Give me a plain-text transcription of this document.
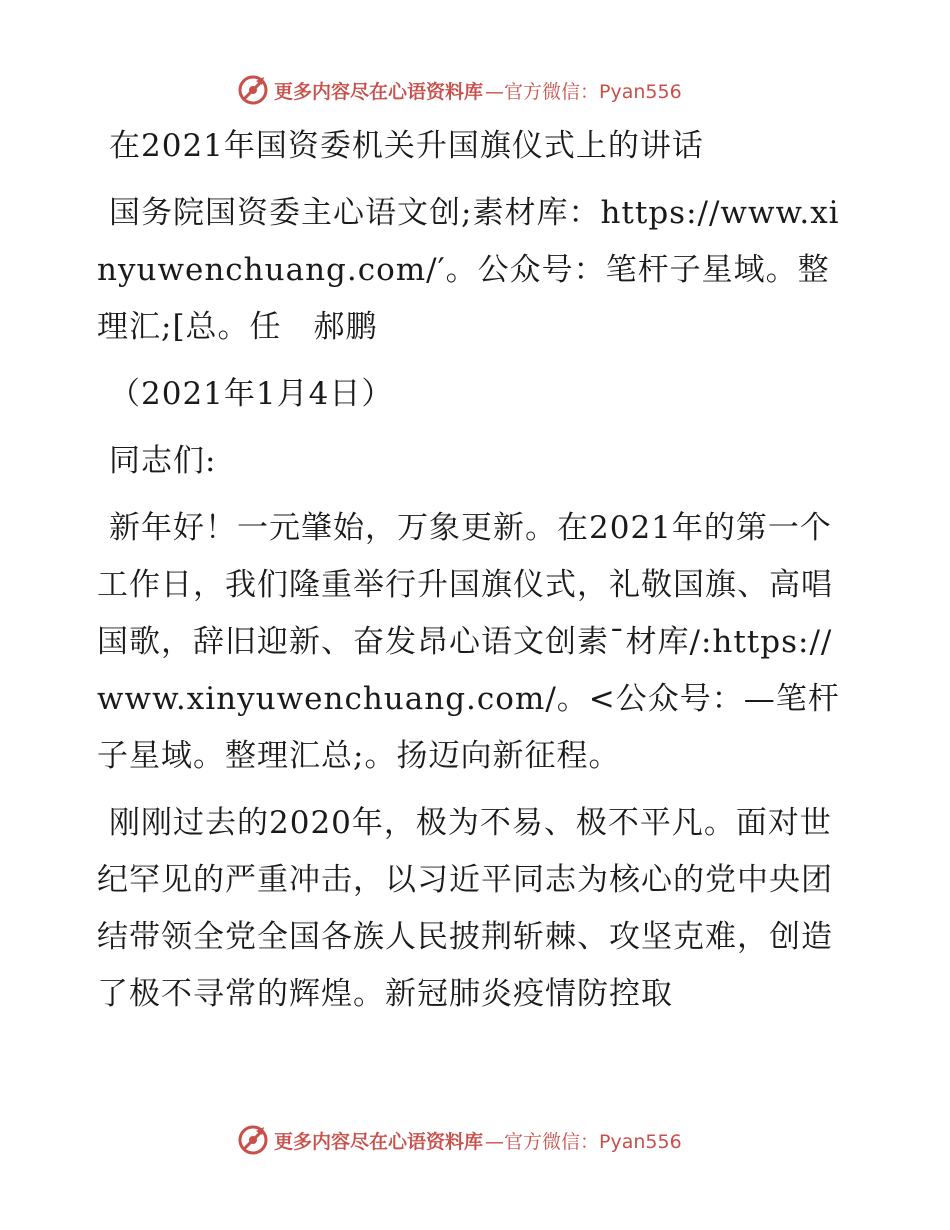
更多内容尽在心语资料库 —官方微信：Pyan556

在2021年国资委机关升国旗仪式上的讲话

国务院国资委主心语文创;素材库：https://www.xinyuwenchuang.com/′。公众号：笔杆子星域。整理汇;[总。任　郝鹏

（2021年1月4日）

同志们:

新年好！一元肇始，万象更新。在2021年的第一个工作日，我们隆重举行升国旗仪式，礼敬国旗、高唱国歌，辞旧迎新、奋发昂心语文创素¯材库/:https://www.xinyuwenchuang.com/。<公众号：—笔杆子星域。整理汇总;。扬迈向新征程。

刚刚过去的2020年，极为不易、极不平凡。面对世纪罕见的严重冲击，以习近平同志为核心的党中央团结带领全党全国各族人民披荆斩棘、攻坚克难，创造了极不寻常的辉煌。新冠肺炎疫情防控取

更多内容尽在心语资料库 —官方微信：Pyan556
